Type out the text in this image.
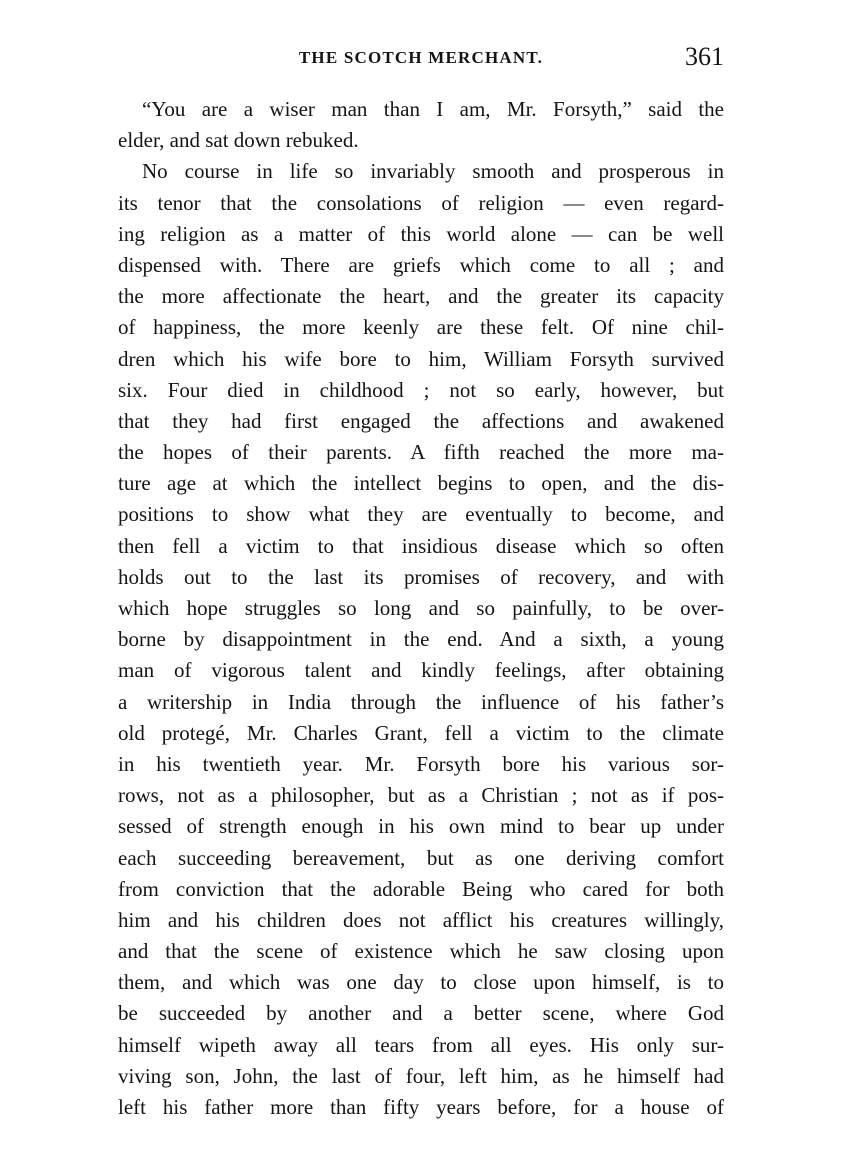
THE SCOTCH MERCHANT.	361
“You are a wiser man than I am, Mr. Forsyth,” said the
elder, and sat down rebuked.
No course in life so invariably smooth and prosperous in
its tenor that the consolations of religion — even regard-
ing religion as a matter of this world alone — can be well
dispensed with. There are griefs which come to all ; and
the more affectionate the heart, and the greater its capacity
of happiness, the more keenly are these felt. Of nine chil-
dren which his wife bore to him, William Forsyth survived
six. Four died in childhood ; not so early, however, but
that they had first engaged the affections and awakened
the hopes of their parents. A fifth reached the more ma-
ture age at which the intellect begins to open, and the dis-
positions to show what they are eventually to become, and
then fell a victim to that insidious disease which so often
holds out to the last its promises of recovery, and with
which hope struggles so long and so painfully, to be over-
borne by disappointment in the end. And a sixth, a young
man of vigorous talent and kindly feelings, after obtaining
a writership in India through the influence of his father’s
old protegé, Mr. Charles Grant, fell a victim to the climate
in his twentieth year. Mr. Forsyth bore his various sor-
rows, not as a philosopher, but as a Christian ; not as if pos-
sessed of strength enough in his own mind to bear up under
each succeeding bereavement, but as one deriving comfort
from conviction that the adorable Being who cared for both
him and his children does not afflict his creatures willingly,
and that the scene of existence which he saw closing upon
them, and which was one day to close upon himself, is to
be succeeded by another and a better scene, where God
himself wipeth away all tears from all eyes. His only sur-
viving son, John, the last of four, left him, as he himself had
left his father more than fifty years before, for a house of
